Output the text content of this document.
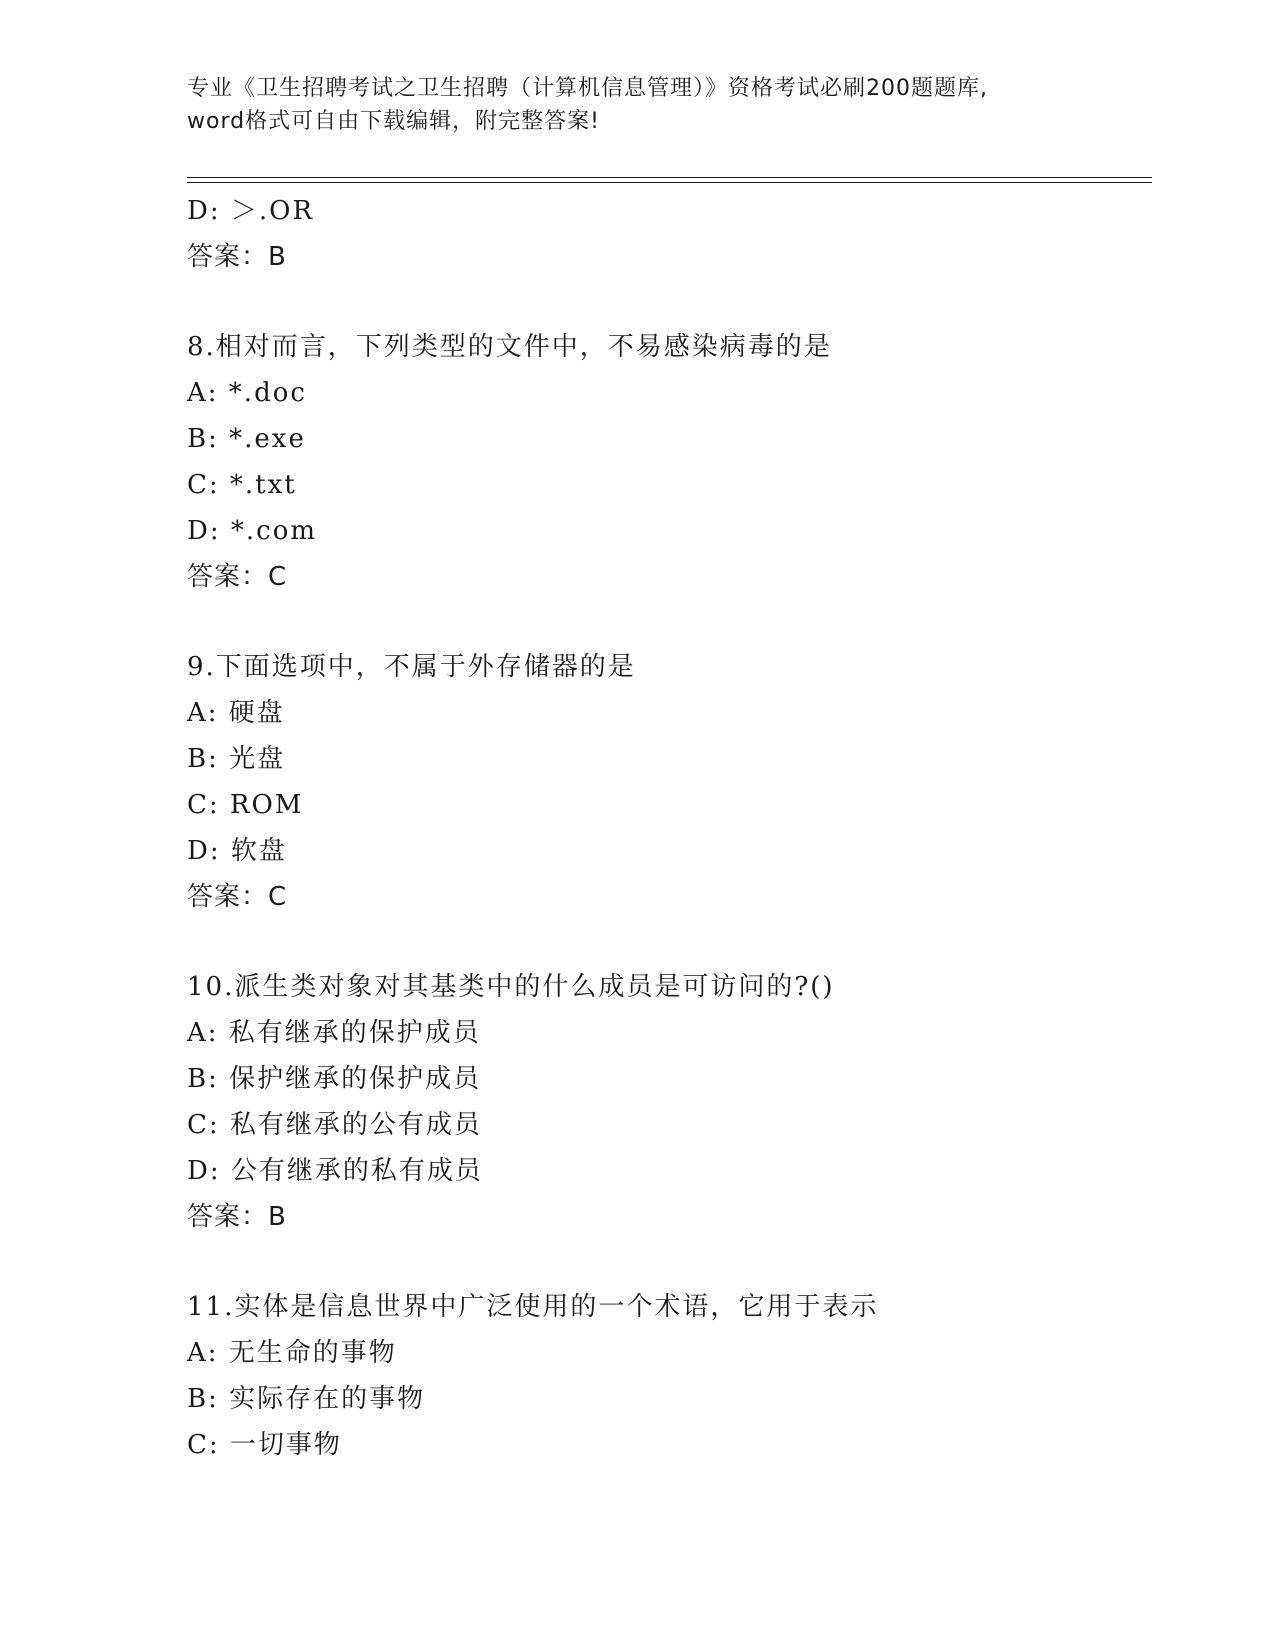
专业《卫生招聘考试之卫生招聘（计算机信息管理）》资格考试必刷200题题库,
word格式可自由下载编辑，附完整答案!
D: ＞.OR
答案：B
8.相对而言，下列类型的文件中，不易感染病毒的是
A: *.doc
B: *.exe
C: *.txt
D: *.com
答案：C
9.下面选项中，不属于外存储器的是
A: 硬盘
B: 光盘
C: ROM
D: 软盘
答案：C
10.派生类对象对其基类中的什么成员是可访问的?()
A: 私有继承的保护成员
B: 保护继承的保护成员
C: 私有继承的公有成员
D: 公有继承的私有成员
答案：B
11.实体是信息世界中广泛使用的一个术语，它用于表示
A: 无生命的事物
B: 实际存在的事物
C: 一切事物
